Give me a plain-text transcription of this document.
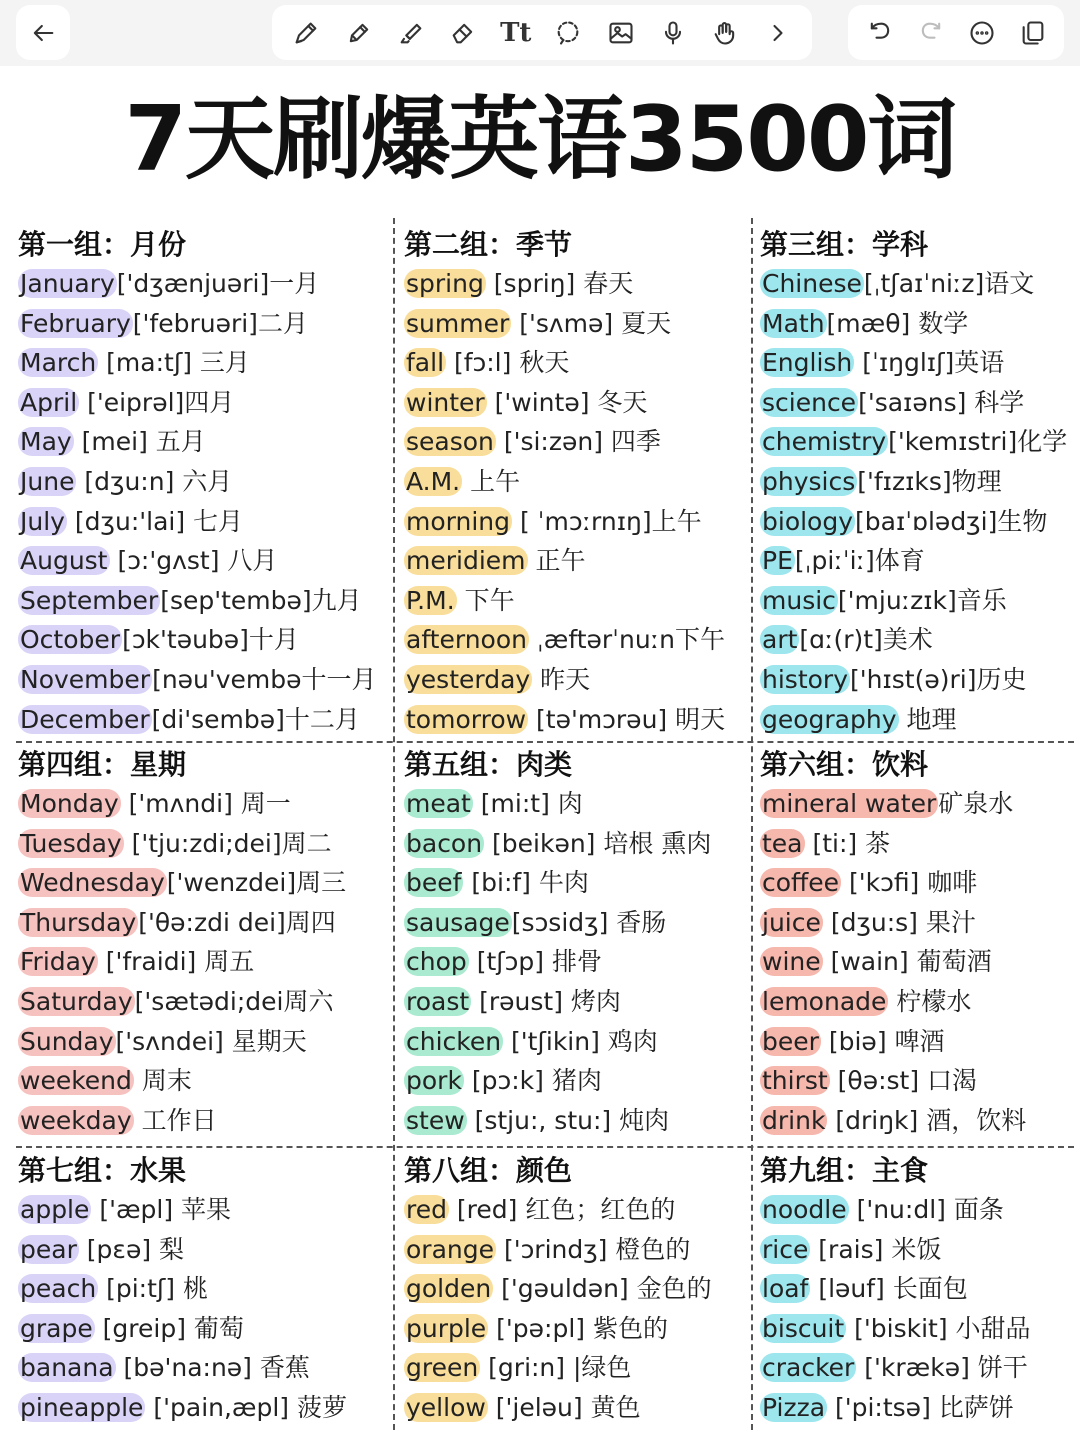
Tt
7天刷爆英语3500词
第一组：月份
January['dʒænjuəri]一月
February['februəri]二月
March [ma:tʃ] 三月
April ['eiprəl]四月
May [mei] 五月
June [dʒu:n] 六月
July [dʒu:'lai] 七月
August [ɔ:'gʌst] 八月
September[sep'tembə]九月
October[ɔk'təubə]十月
November[nəu'vembə十一月
December[di'sembə]十二月
第二组：季节
spring [spriŋ] 春天
summer ['sʌmə] 夏天
fall [fɔ:l] 秋天
winter ['wintə] 冬天
season ['si:zən] 四季
A.M. 上午
morning [ ˈmɔːrnɪŋ]上午
meridiem 正午
P.M. 下午
afternoon ˌæftərˈnuːn下午
yesterday 昨天
tomorrow [tə'mɔrəu] 明天
第三组：学科
Chinese[ˌtʃaɪˈniːz]语文
Math[mæθ] 数学
English [ˈɪŋglɪʃ]英语
science['saɪəns] 科学
chemistry['kemɪstri]化学
physics['fɪzɪks]物理
biology[baɪˈɒlədʒi]生物
PE[ˌpiːˈiː]体育
music['mjuːzɪk]音乐
art[ɑː(r)t]美术
history['hɪst(ə)ri]历史
geography 地理
第四组：星期
Monday ['mʌndi] 周一
Tuesday ['tju:zdi;dei]周二
Wednesday['wenzdei]周三
Thursday['θə:zdi dei]周四
Friday ['fraidi] 周五
Saturday['sætədi;dei周六
Sunday['sʌndei] 星期天
weekend 周末
weekday 工作日
第五组：肉类
meat [mi:t] 肉
bacon [beikən] 培根 熏肉
beef [bi:f] 牛肉
sausage[sɔsidʒ] 香肠
chop [tʃɔp] 排骨
roast [rəust] 烤肉
chicken ['tʃikin] 鸡肉
pork [pɔ:k] 猪肉
stew [stju:, stu:] 炖肉
第六组：饮料
mineral water矿泉水
tea [ti:] 茶
coffee ['kɔfi] 咖啡
juice [dʒu:s] 果汁
wine [wain] 葡萄酒
lemonade 柠檬水
beer [biə] 啤酒
thirst [θə:st] 口渴
drink [driŋk] 酒，饮料
第七组：水果
apple ['æpl] 苹果
pear [pɛə] 梨
peach [pi:tʃ] 桃
grape [greip] 葡萄
banana [bə'na:nə] 香蕉
pineapple ['pain,æpl] 菠萝
第八组：颜色
red [red] 红色；红色的
orange ['ɔrindʒ] 橙色的
golden ['gəuldən] 金色的
purple ['pə:pl] 紫色的
green [gri:n] |绿色
yellow ['jeləu] 黄色
第九组：主食
noodle ['nu:dl] 面条
rice [rais] 米饭
loaf [ləuf] 长面包
biscuit ['biskit] 小甜品
cracker ['krækə] 饼干
Pizza ['pi:tsə] 比萨饼
